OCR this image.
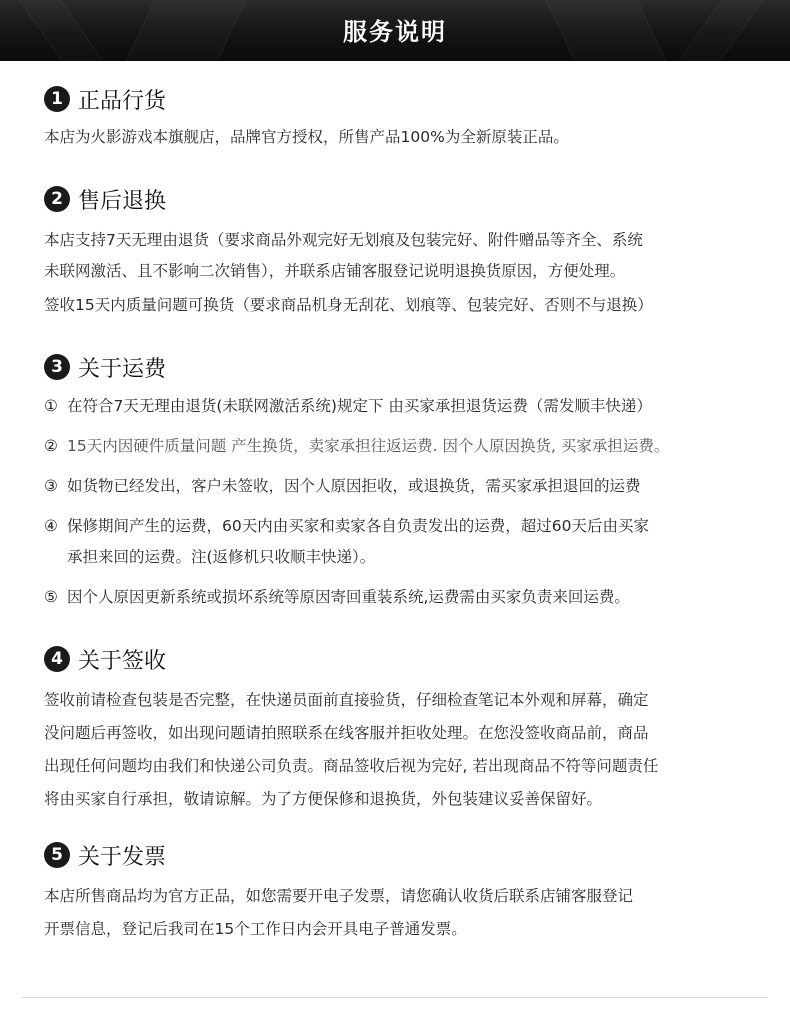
服务说明
1 正品行货

本店为火影游戏本旗舰店，品牌官方授权，所售产品100%为全新原装正品。

2 售后退换

本店支持7天无理由退货（要求商品外观完好无划痕及包装完好、附件赠品等齐全、系统

未联网激活、且不影响二次销售），并联系店铺客服登记说明退换货原因，方便处理。

签收15天内质量问题可换货（要求商品机身无刮花、划痕等、包装完好、否则不与退换）

3 关于运费
① 在符合7天无理由退货(未联网激活系统)规定下 由买家承担退货运费（需发顺丰快递）
② 15天内因硬件质量问题 产生换货，卖家承担往返运费. 因个人原因换货, 买家承担运费。
③ 如货物已经发出，客户未签收，因个人原因拒收，或退换货，需买家承担退回的运费
④ 保修期间产生的运费，60天内由买家和卖家各自负责发出的运费，超过60天后由买家
承担来回的运费。注(返修机只收顺丰快递）。
⑤ 因个人原因更新系统或损坏系统等原因寄回重装系统,运费需由买家负责来回运费。
4 关于签收

签收前请检查包装是否完整，在快递员面前直接验货，仔细检查笔记本外观和屏幕，确定

没问题后再签收，如出现问题请拍照联系在线客服并拒收处理。在您没签收商品前，商品

出现任何问题均由我们和快递公司负责。商品签收后视为完好, 若出现商品不符等问题责任

将由买家自行承担，敬请谅解。为了方便保修和退换货，外包装建议妥善保留好。

5 关于发票

本店所售商品均为官方正品，如您需要开电子发票，请您确认收货后联系店铺客服登记

开票信息，登记后我司在15个工作日内会开具电子普通发票。
